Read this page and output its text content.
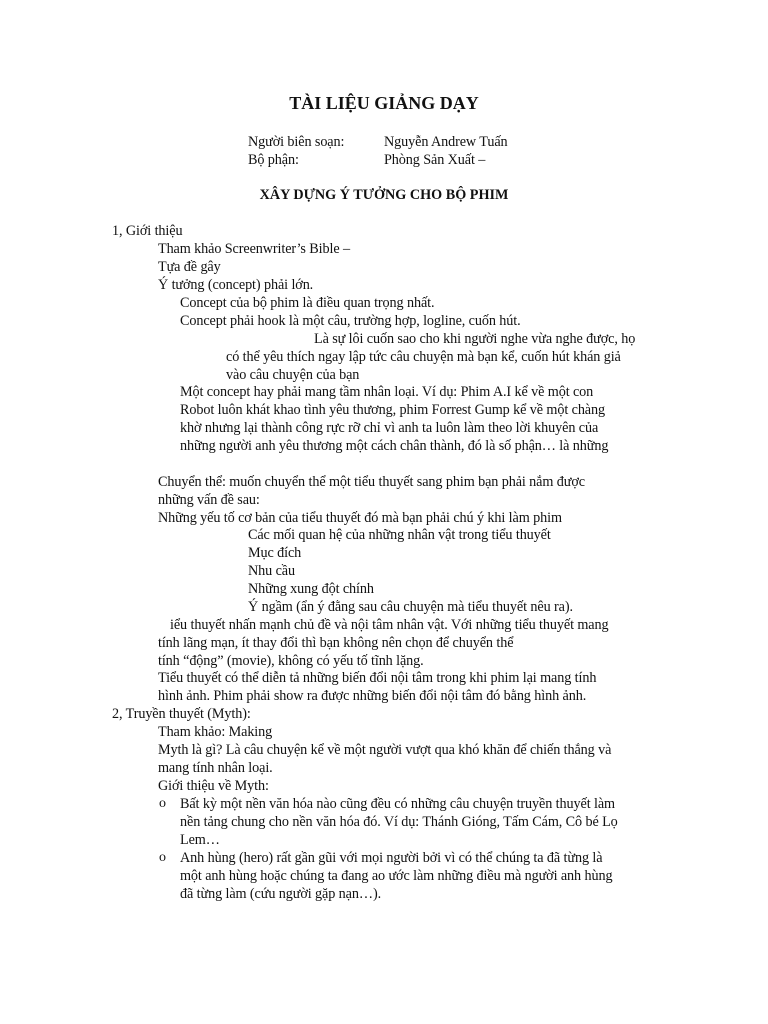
TÀI LIỆU GIẢNG DẠY
Người biên soạn:	Nguyễn Andrew Tuấn
Bộ phận:	Phòng Sản Xuất –
XÂY DỰNG Ý TƯỞNG CHO BỘ PHIM
1, Giới thiệu
Tham khảo Screenwriter’s Bible –
Tựa đề gây
Ý tưởng (concept) phải lớn.
Concept của bộ phim là điều quan trọng nhất.
Concept phải hook là một câu, trường hợp, logline, cuốn hút.
Là sự lôi cuốn sao cho khi người nghe vừa nghe được, họ
có thể yêu thích ngay lập tức câu chuyện mà bạn kể, cuốn hút khán giả
vào câu chuyện của bạn
Một concept hay phải mang tầm nhân loại. Ví dụ: Phim A.I kể về một con
Robot luôn khát khao tình yêu thương, phim Forrest Gump kể về một chàng
khờ nhưng lại thành công rực rỡ chỉ vì anh ta luôn làm theo lời khuyên của
những người anh yêu thương một cách chân thành, đó là số phận… là những
Chuyển thể: muốn chuyển thể một tiểu thuyết sang phim bạn phải nắm được
những vấn đề sau:
Những yếu tố cơ bản của tiểu thuyết đó mà bạn phải chú ý khi làm phim
Các mối quan hệ của những nhân vật trong tiểu thuyết
Mục đích
Nhu cầu
Những xung đột chính
Ý ngầm (ẩn ý đằng sau câu chuyện mà tiểu thuyết nêu ra).
iểu thuyết nhấn mạnh chủ đề và nội tâm nhân vật. Với những tiểu thuyết mang
tính lãng mạn, ít thay đổi thì bạn không nên chọn để chuyển thể
tính “động” (movie), không có yếu tố tĩnh lặng.
Tiểu thuyết có thể diễn tả những biến đổi nội tâm trong khi phim lại mang tính
hình ảnh. Phim phải show ra được những biến đổi nội tâm đó bằng hình ảnh.
2, Truyền thuyết (Myth):
Tham khảo: Making
Myth là gì? Là câu chuyện kể về một người vượt qua khó khăn để chiến thắng và
mang tính nhân loại.
Giới thiệu về Myth:
o Bất kỳ một nền văn hóa nào cũng đều có những câu chuyện truyền thuyết làm
nền tảng chung cho nền văn hóa đó. Ví dụ: Thánh Gióng, Tấm Cám, Cô bé Lọ
Lem…
o Anh hùng (hero) rất gần gũi với mọi người bởi vì có thể chúng ta đã từng là
một anh hùng hoặc chúng ta đang ao ước làm những điều mà người anh hùng
đã từng làm (cứu người gặp nạn…).
